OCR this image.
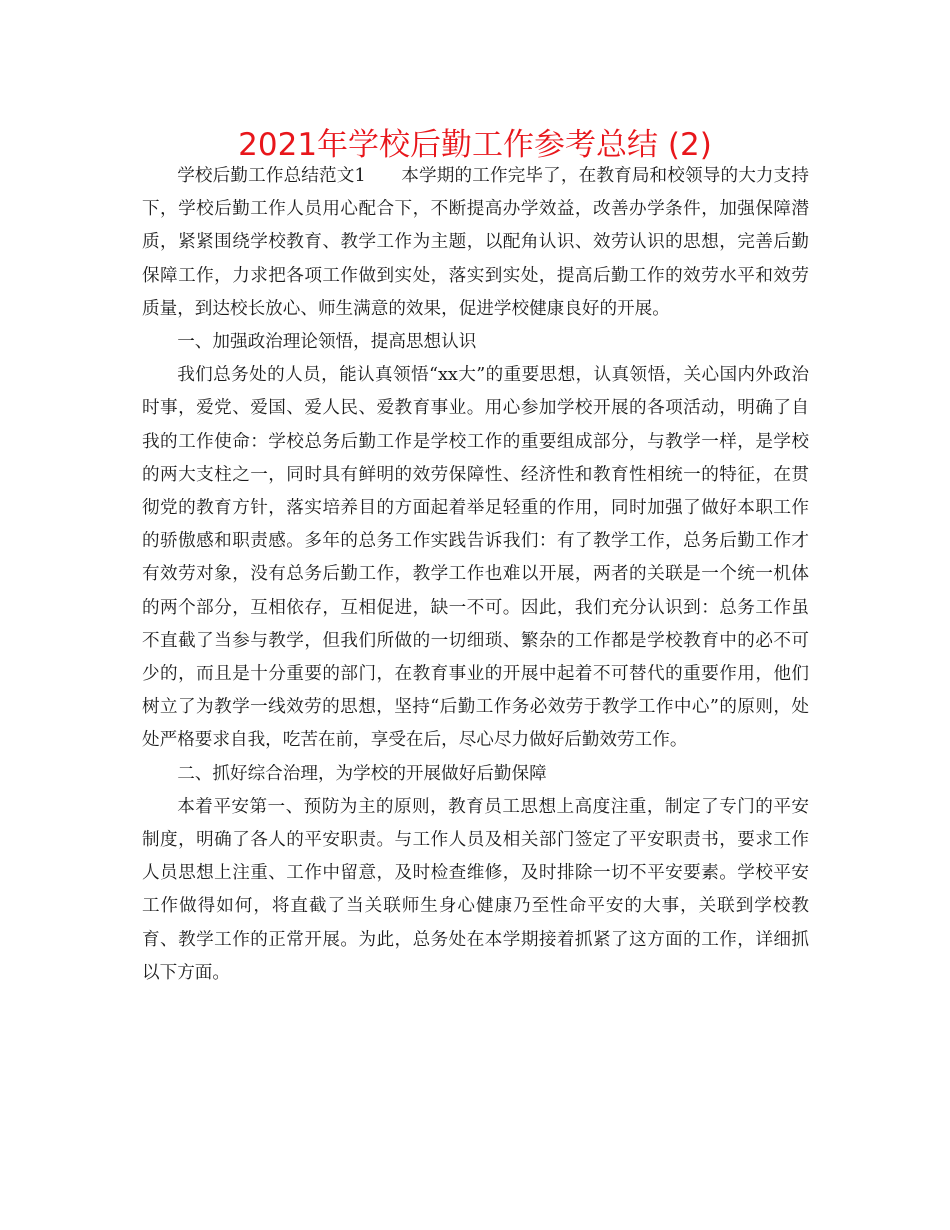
2021年学校后勤工作参考总结 (2)

学校后勤工作总结范文1　　本学期的工作完毕了，在教育局和校领导的大力支持下，学校后勤工作人员用心配合下，不断提高办学效益，改善办学条件，加强保障潜质，紧紧围绕学校教育、教学工作为主题，以配角认识、效劳认识的思想，完善后勤保障工作，力求把各项工作做到实处，落实到实处，提高后勤工作的效劳水平和效劳质量，到达校长放心、师生满意的效果，促进学校健康良好的开展。

一、加强政治理论领悟，提高思想认识

我们总务处的人员，能认真领悟“xx大”的重要思想，认真领悟，关心国内外政治时事，爱党、爱国、爱人民、爱教育事业。用心参加学校开展的各项活动，明确了自我的工作使命：学校总务后勤工作是学校工作的重要组成部分，与教学一样，是学校的两大支柱之一，同时具有鲜明的效劳保障性、经济性和教育性相统一的特征，在贯彻党的教育方针，落实培养目的方面起着举足轻重的作用，同时加强了做好本职工作的骄傲感和职责感。多年的总务工作实践告诉我们：有了教学工作，总务后勤工作才有效劳对象，没有总务后勤工作，教学工作也难以开展，两者的关联是一个统一机体的两个部分，互相依存，互相促进，缺一不可。因此，我们充分认识到：总务工作虽不直截了当参与教学，但我们所做的一切细琐、繁杂的工作都是学校教育中的必不可少的，而且是十分重要的部门，在教育事业的开展中起着不可替代的重要作用，他们树立了为教学一线效劳的思想，坚持“后勤工作务必效劳于教学工作中心”的原则，处处严格要求自我，吃苦在前，享受在后，尽心尽力做好后勤效劳工作。

二、抓好综合治理，为学校的开展做好后勤保障

本着平安第一、预防为主的原则，教育员工思想上高度注重，制定了专门的平安制度，明确了各人的平安职责。与工作人员及相关部门签定了平安职责书，要求工作人员思想上注重、工作中留意，及时检查维修，及时排除一切不平安要素。学校平安工作做得如何，将直截了当关联师生身心健康乃至性命平安的大事，关联到学校教育、教学工作的正常开展。为此，总务处在本学期接着抓紧了这方面的工作，详细抓以下方面。
